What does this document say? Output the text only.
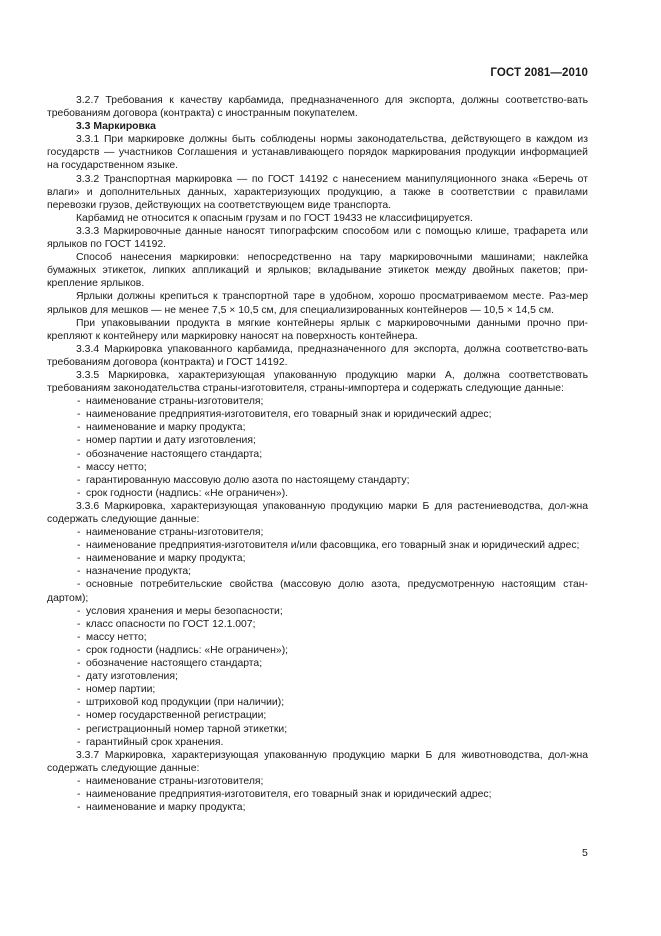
ГОСТ 2081—2010

3.2.7 Требования к качеству карбамида, предназначенного для экспорта, должны соответство-вать требованиям договора (контракта) с иностранным покупателем.

3.3 Маркировка

3.3.1 При маркировке должны быть соблюдены нормы законодательства, действующего в каждом из государств — участников Соглашения и устанавливающего порядок маркирования продукции информацией на государственном языке.

3.3.2 Транспортная маркировка — по ГОСТ 14192 с нанесением манипуляционного знака «Беречь от влаги» и дополнительных данных, характеризующих продукцию, а также в соответствии с правилами перевозки грузов, действующих на соответствующем виде транспорта.

Карбамид не относится к опасным грузам и по ГОСТ 19433 не классифицируется.

3.3.3 Маркировочные данные наносят типографским способом или с помощью клише, трафарета или ярлыков по ГОСТ 14192.

Способ нанесения маркировки: непосредственно на тару маркировочными машинами; наклейка бумажных этикеток, липких аппликаций и ярлыков; вкладывание этикеток между двойных пакетов; при-крепление ярлыков.

Ярлыки должны крепиться к транспортной таре в удобном, хорошо просматриваемом месте. Раз-мер ярлыков для мешков — не менее 7,5 × 10,5 см, для специализированных контейнеров — 10,5 × 14,5 см.

При упаковывании продукта в мягкие контейнеры ярлык с маркировочными данными прочно при-крепляют к контейнеру или маркировку наносят на поверхность контейнера.

3.3.4 Маркировка упакованного карбамида, предназначенного для экспорта, должна соответство-вать требованиям договора (контракта) и ГОСТ 14192.

3.3.5 Маркировка, характеризующая упакованную продукцию марки А, должна соответствовать требованиям законодательства страны-изготовителя, страны-импортера и содержать следующие данные:

- наименование страны-изготовителя;

- наименование предприятия-изготовителя, его товарный знак и юридический адрес;

- наименование и марку продукта;

- номер партии и дату изготовления;

- обозначение настоящего стандарта;

- массу нетто;

- гарантированную массовую долю азота по настоящему стандарту;

- срок годности (надпись: «Не ограничен»).

3.3.6 Маркировка, характеризующая упакованную продукцию марки Б для растениеводства, дол-жна содержать следующие данные:

- наименование страны-изготовителя;

- наименование предприятия-изготовителя и/или фасовщика, его товарный знак и юридический адрес;

- наименование и марку продукта;

- назначение продукта;

- основные потребительские свойства (массовую долю азота, предусмотренную настоящим стан-дартом);

- условия хранения и меры безопасности;

- класс опасности по ГОСТ 12.1.007;

- массу нетто;

- срок годности (надпись: «Не ограничен»);

- обозначение настоящего стандарта;

- дату изготовления;

- номер партии;

- штриховой код продукции (при наличии);

- номер государственной регистрации;

- регистрационный номер тарной этикетки;

- гарантийный срок хранения.

3.3.7 Маркировка, характеризующая упакованную продукцию марки Б для животноводства, дол-жна содержать следующие данные:

- наименование страны-изготовителя;

- наименование предприятия-изготовителя, его товарный знак и юридический адрес;

- наименование и марку продукта;

5
